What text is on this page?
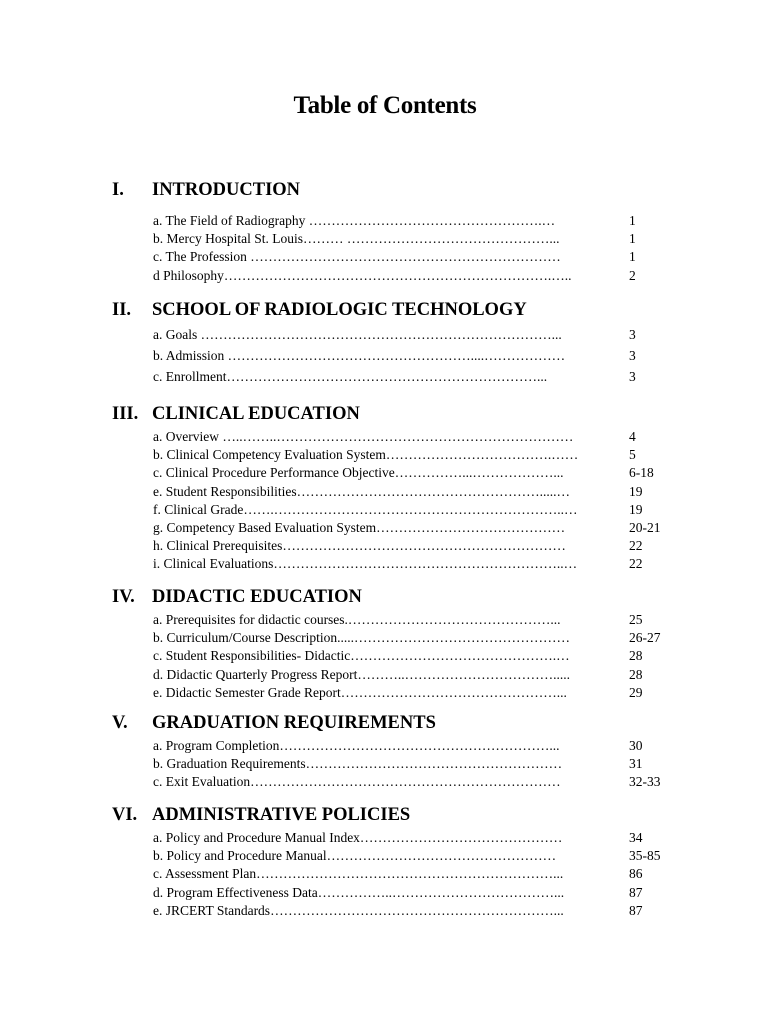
Table of Contents
I.	INTRODUCTION
a. The Field of Radiography …………………………………………….…	1
b. Mercy Hospital St. Louis……… ………………………………………...	1
c. The Profession ……………………………………………………………	1
d Philosophy……………………………………………………………….…..	2
II.	SCHOOL OF RADIOLOGIC TECHNOLOGY
a. Goals ……………………………………………………………………...	3
b. Admission ………………………………………………....………………	3
c. Enrollment……………………………………………………………...	3
III. CLINICAL EDUCATION
a. Overview …..……..…………………………………………………………	4
b. Clinical Competency Evaluation System……………………………….……	5
c. Clinical Procedure Performance Objective……………...………………...	6-18
e. Student Responsibilities……………………………………………….....…	19
f. Clinical Grade…….………………………………………………………..…	19
g. Competency Based Evaluation System……………………………………	20-21
h. Clinical Prerequisites………………………………………………………	22
i. Clinical Evaluations………………………………………………………..…	22
IV. DIDACTIC EDUCATION
a. Prerequisites for didactic courses.………………………………………...	25
b. Curriculum/Course Description.....…………………………………………	26-27
c. Student Responsibilities- Didactic……………………………………….…	28
d. Didactic Quarterly Progress Report………..…………………………….....	28
e. Didactic Semester Grade Report…………………………………………...	29
V.	GRADUATION REQUIREMENTS
a. Program Completion……………………………………………………...	30
b. Graduation Requirements…………………………………………………	31
c. Exit Evaluation……………………………………………………………	32-33
VI. ADMINISTRATIVE POLICIES
a. Policy and Procedure Manual Index………………………………………	34
b. Policy and Procedure Manual……………………………………………	35-85
c. Assessment Plan…………………………………………………………...	86
d. Program Effectiveness Data……………..………………………………...	87
e. JRCERT Standards………………………………………………………...	87
